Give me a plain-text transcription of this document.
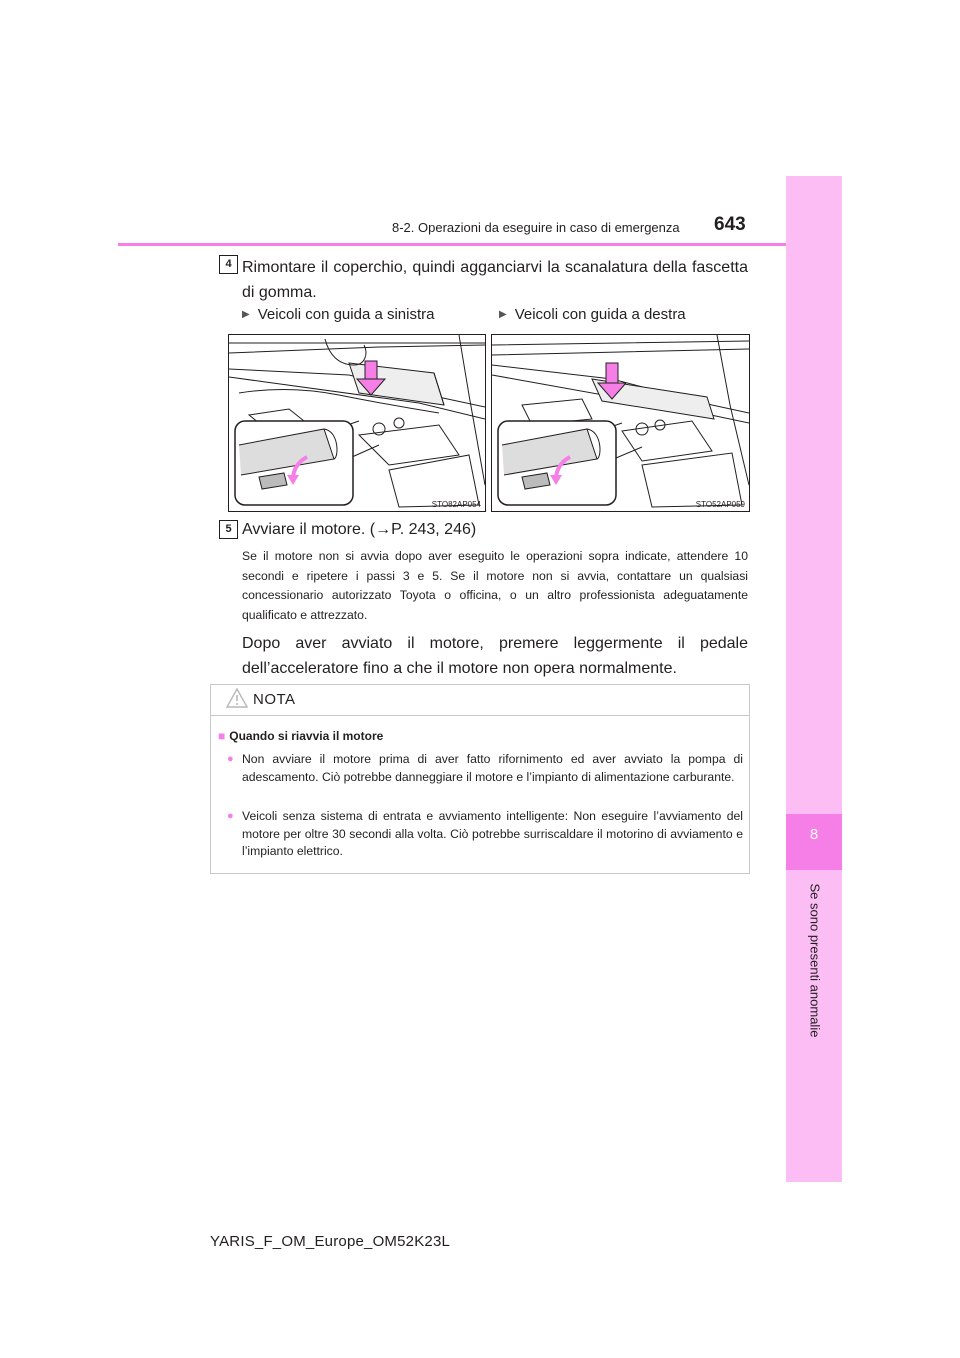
8
Se sono presenti anomalie
8-2. Operazioni da eseguire in caso di emergenza 643
4 Rimontare il coperchio, quindi agganciarvi la scanalatura della fascetta di gomma.
▶ Veicoli con guida a sinistra	▶ Veicoli con guida a destra
STO82AP054	STO52AP059
5 Avviare il motore. (→P. 243, 246)
Se il motore non si avvia dopo aver eseguito le operazioni sopra indicate, attendere 10 secondi e ripetere i passi 3 e 5. Se il motore non si avvia, contattare un qualsiasi concessionario autorizzato Toyota o officina, o un altro professionista adeguatamente qualificato e attrezzato.
Dopo aver avviato il motore, premere leggermente il pedale dell’acceleratore fino a che il motore non opera normalmente.
NOTA
■ Quando si riavvia il motore
● Non avviare il motore prima di aver fatto rifornimento ed aver avviato la pompa di adescamento. Ciò potrebbe danneggiare il motore e l’impianto di alimentazione carburante.
● Veicoli senza sistema di entrata e avviamento intelligente: Non eseguire l’avviamento del motore per oltre 30 secondi alla volta. Ciò potrebbe surriscaldare il motorino di avviamento e l’impianto elettrico.
YARIS_F_OM_Europe_OM52K23L
